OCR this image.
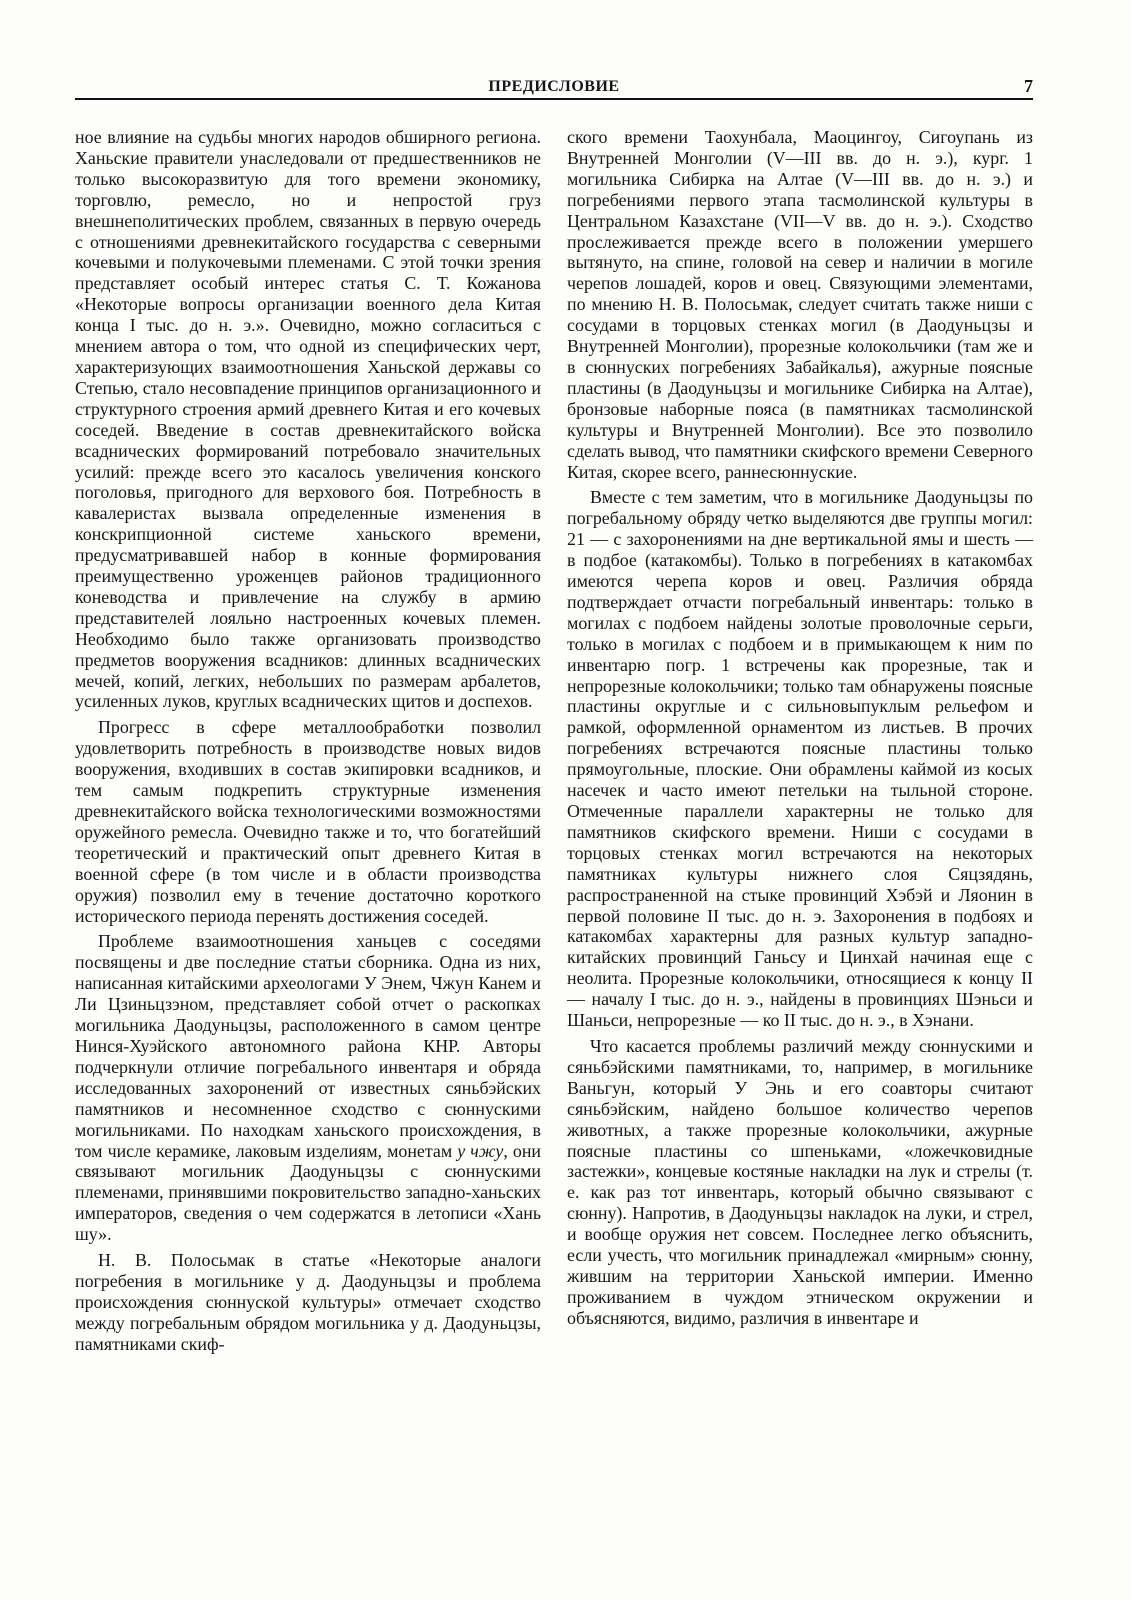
ПРЕДИСЛОВИЕ	7

ное влияние на судьбы многих народов обширного региона. Ханьские правители унаследовали от предшественников не только высокоразвитую для того времени экономику, торговлю, ремесло, но и непростой груз внешнеполитических проблем, связанных в первую очередь с отношениями древнекитайского государства с северными кочевыми и полукочевыми племенами. С этой точки зрения представляет особый интерес статья С. Т. Кожанова «Некоторые вопросы организации военного дела Китая конца I тыс. до н. э.». Очевидно, можно согласиться с мнением автора о том, что одной из специфических черт, характеризующих взаимоотношения Ханьской державы со Степью, стало несовпадение принципов организационного и структурного строения армий древнего Китая и его кочевых соседей. Введение в состав древнекитайского войска всаднических формирований потребовало значительных усилий: прежде всего это касалось увеличения конского поголовья, пригодного для верхового боя. Потребность в кавалеристах вызвала определенные изменения в конскрипционной системе ханьского времени, предусматривавшей набор в конные формирования преимущественно уроженцев районов традиционного коневодства и привлечение на службу в армию представителей лояльно настроенных кочевых племен. Необходимо было также организовать производство предметов вооружения всадников: длинных всаднических мечей, копий, легких, небольших по размерам арбалетов, усиленных луков, круглых всаднических щитов и доспехов.

Прогресс в сфере металлообработки позволил удовлетворить потребность в производстве новых видов вооружения, входивших в состав экипировки всадников, и тем самым подкрепить структурные изменения древнекитайского войска технологическими возможностями оружейного ремесла. Очевидно также и то, что богатейший теоретический и практический опыт древнего Китая в военной сфере (в том числе и в области производства оружия) позволил ему в течение достаточно короткого исторического периода перенять достижения соседей.

Проблеме взаимоотношения ханьцев с соседями посвящены и две последние статьи сборника. Одна из них, написанная китайскими археологами У Энем, Чжун Канем и Ли Цзиньцзэном, представляет собой отчет о раскопках могильника Даодуньцзы, расположенного в самом центре Нинся-Хуэйского автономного района КНР. Авторы подчеркнули отличие погребального инвентаря и обряда исследованных захоронений от известных сяньбэйских памятников и несомненное сходство с сюннускими могильниками. По находкам ханьского происхождения, в том числе керамике, лаковым изделиям, монетам у чжу, они связывают могильник Даодуньцзы с сюннускими племенами, принявшими покровительство западно-ханьских императоров, сведения о чем содержатся в летописи «Хань шу».

Н. В. Полосьмак в статье «Некоторые аналоги погребения в могильнике у д. Даодуньцзы и проблема происхождения сюннуской культуры» отмечает сходство между погребальным обрядом могильника у д. Даодуньцзы, памятниками скиф-

ского времени Таохунбала, Маоцингоу, Сигоупань из Внутренней Монголии (V—III вв. до н. э.), кург. 1 могильника Сибирка на Алтае (V—III вв. до н. э.) и погребениями первого этапа тасмолинской культуры в Центральном Казахстане (VII—V вв. до н. э.). Сходство прослеживается прежде всего в положении умершего вытянуто, на спине, головой на север и наличии в могиле черепов лошадей, коров и овец. Связующими элементами, по мнению Н. В. Полосьмак, следует считать также ниши с сосудами в торцовых стенках могил (в Даодуньцзы и Внутренней Монголии), прорезные колокольчики (там же и в сюннуских погребениях Забайкалья), ажурные поясные пластины (в Даодуньцзы и могильнике Сибирка на Алтае), бронзовые наборные пояса (в памятниках тасмолинской культуры и Внутренней Монголии). Все это позволило сделать вывод, что памятники скифского времени Северного Китая, скорее всего, раннесюннуские.

Вместе с тем заметим, что в могильнике Даодуньцзы по погребальному обряду четко выделяются две группы могил: 21 — с захоронениями на дне вертикальной ямы и шесть — в подбое (катакомбы). Только в погребениях в катакомбах имеются черепа коров и овец. Различия обряда подтверждает отчасти погребальный инвентарь: только в могилах с подбоем найдены золотые проволочные серьги, только в могилах с подбоем и в примыкающем к ним по инвентарю погр. 1 встречены как прорезные, так и непрорезные колокольчики; только там обнаружены поясные пластины округлые и с сильновыпуклым рельефом и рамкой, оформленной орнаментом из листьев. В прочих погребениях встречаются поясные пластины только прямоугольные, плоские. Они обрамлены каймой из косых насечек и часто имеют петельки на тыльной стороне. Отмеченные параллели характерны не только для памятников скифского времени. Ниши с сосудами в торцовых стенках могил встречаются на некоторых памятниках культуры нижнего слоя Сяцзядянь, распространенной на стыке провинций Хэбэй и Ляонин в первой половине II тыс. до н. э. Захоронения в подбоях и катакомбах характерны для разных культур западно-китайских провинций Ганьсу и Цинхай начиная еще с неолита. Прорезные колокольчики, относящиеся к концу II — началу I тыс. до н. э., найдены в провинциях Шэньси и Шаньси, непрорезные — ко II тыс. до н. э., в Хэнани.

Что касается проблемы различий между сюннускими и сяньбэйскими памятниками, то, например, в могильнике Ваньгун, который У Энь и его соавторы считают сяньбэйским, найдено большое количество черепов животных, а также прорезные колокольчики, ажурные поясные пластины со шпеньками, «ложечковидные застежки», концевые костяные накладки на лук и стрелы (т. е. как раз тот инвентарь, который обычно связывают с сюнну). Напротив, в Даодуньцзы накладок на луки, и стрел, и вообще оружия нет совсем. Последнее легко объяснить, если учесть, что могильник принадлежал «мирным» сюнну, жившим на территории Ханьской империи. Именно проживанием в чуждом этническом окружении и объясняются, видимо, различия в инвентаре и
